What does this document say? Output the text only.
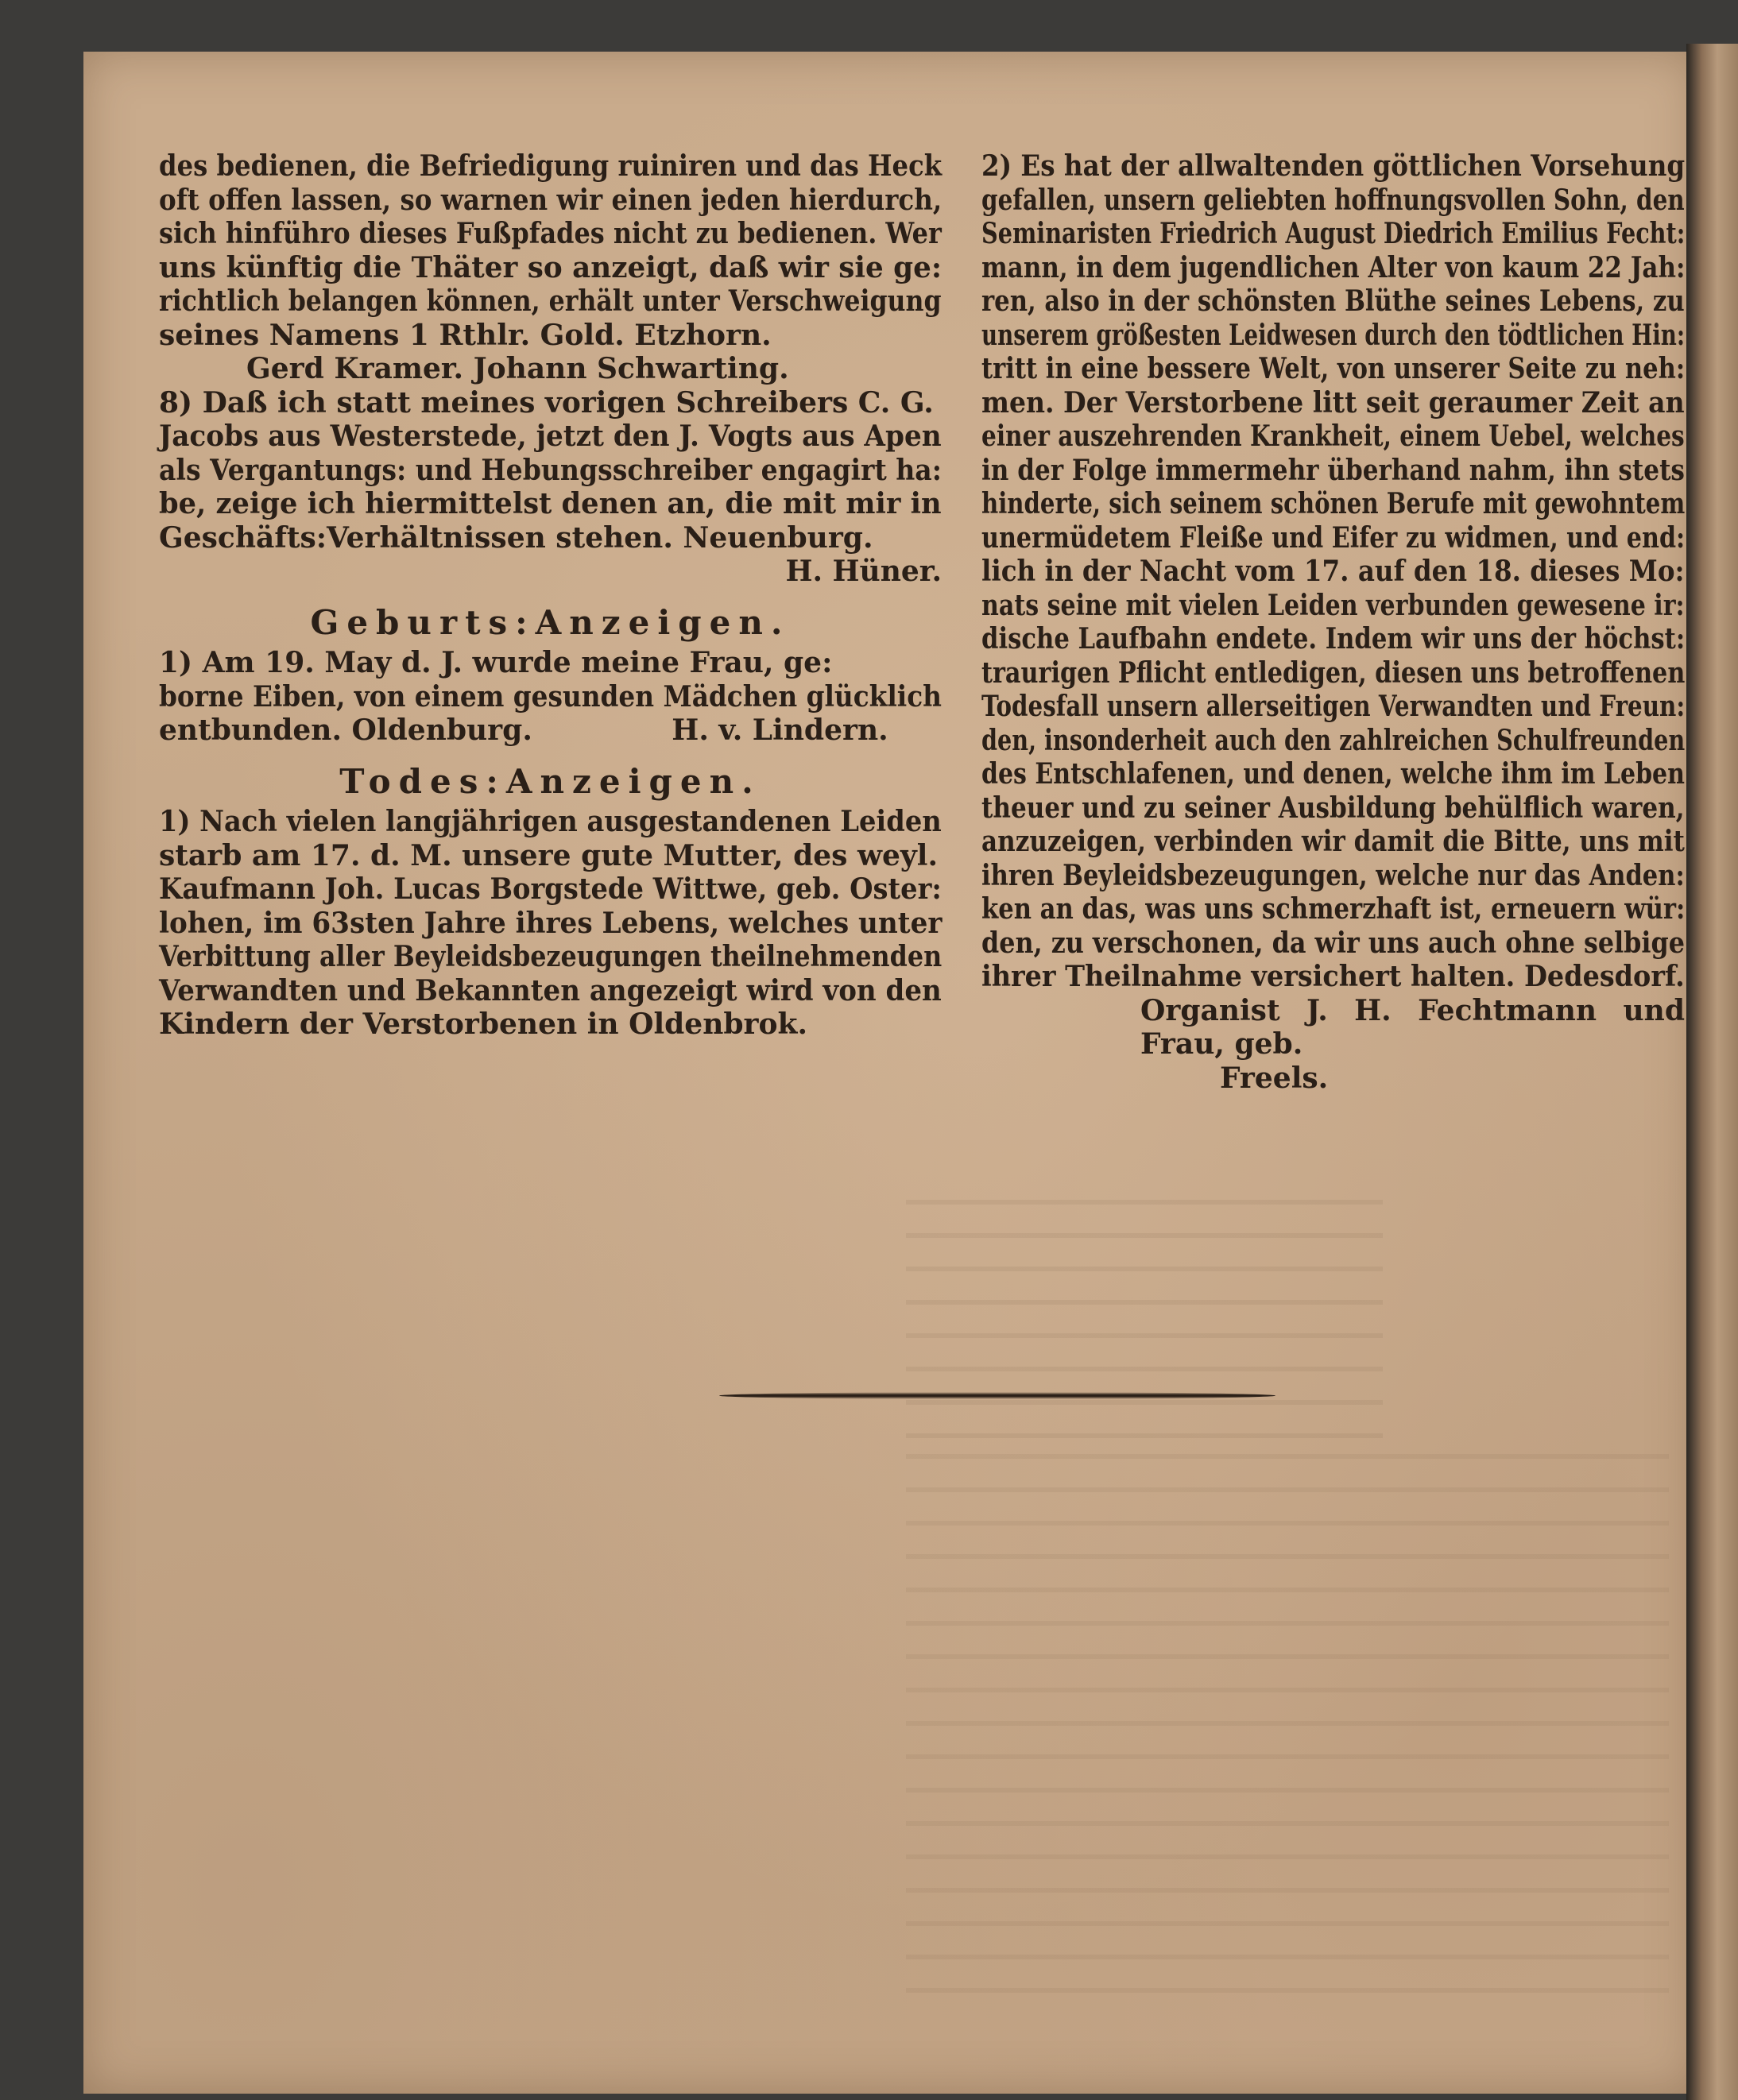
des bedienen, die Befriedigung ruiniren und das Heck
oft offen lassen, so warnen wir einen jeden hierdurch,
sich hinführo dieses Fußpfades nicht zu bedienen. Wer
uns künftig die Thäter so anzeigt, daß wir sie ge:
richtlich belangen können, erhält unter Verschweigung
seines Namens 1 Rthlr. Gold. Etzhorn.

Gerd Kramer. Johann Schwarting.

8) Daß ich statt meines vorigen Schreibers C. G.
Jacobs aus Westerstede, jetzt den J. Vogts aus Apen
als Vergantungs: und Hebungsschreiber engagirt ha:
be, zeige ich hiermittelst denen an, die mit mir in
Geschäfts:Verhältnissen stehen. Neuenburg.

H. Hüner.
Geburts:Anzeigen.

1) Am 19. May d. J. wurde meine Frau, ge:
borne Eiben, von einem gesunden Mädchen glücklich
entbunden. Oldenburg.              H. v. Lindern.

Todes:Anzeigen.

1) Nach vielen langjährigen ausgestandenen Leiden
starb am 17. d. M. unsere gute Mutter, des weyl.
Kaufmann Joh. Lucas Borgstede Wittwe, geb. Oster:
lohen, im 63sten Jahre ihres Lebens, welches unter
Verbittung aller Beyleidsbezeugungen theilnehmenden
Verwandten und Bekannten angezeigt wird von den
Kindern der Verstorbenen in Oldenbrok.

2) Es hat der allwaltenden göttlichen Vorsehung
gefallen, unsern geliebten hoffnungsvollen Sohn, den
Seminaristen Friedrich August Diedrich Emilius Fecht:
mann, in dem jugendlichen Alter von kaum 22 Jah:
ren, also in der schönsten Blüthe seines Lebens, zu
unserem größesten Leidwesen durch den tödtlichen Hin:
tritt in eine bessere Welt, von unserer Seite zu neh:
men. Der Verstorbene litt seit geraumer Zeit an
einer auszehrenden Krankheit, einem Uebel, welches
in der Folge immermehr überhand nahm, ihn stets
hinderte, sich seinem schönen Berufe mit gewohntem
unermüdetem Fleiße und Eifer zu widmen, und end:
lich in der Nacht vom 17. auf den 18. dieses Mo:
nats seine mit vielen Leiden verbunden gewesene ir:
dische Laufbahn endete. Indem wir uns der höchst:
traurigen Pflicht entledigen, diesen uns betroffenen
Todesfall unsern allerseitigen Verwandten und Freun:
den, insonderheit auch den zahlreichen Schulfreunden
des Entschlafenen, und denen, welche ihm im Leben
theuer und zu seiner Ausbildung behülflich waren,
anzuzeigen, verbinden wir damit die Bitte, uns mit
ihren Beyleidsbezeugungen, welche nur das Anden:
ken an das, was uns schmerzhaft ist, erneuern wür:
den, zu verschonen, da wir uns auch ohne selbige
ihrer Theilnahme versichert halten. Dedesdorf.

Organist J. H. Fechtmann und Frau, geb.
Freels.
